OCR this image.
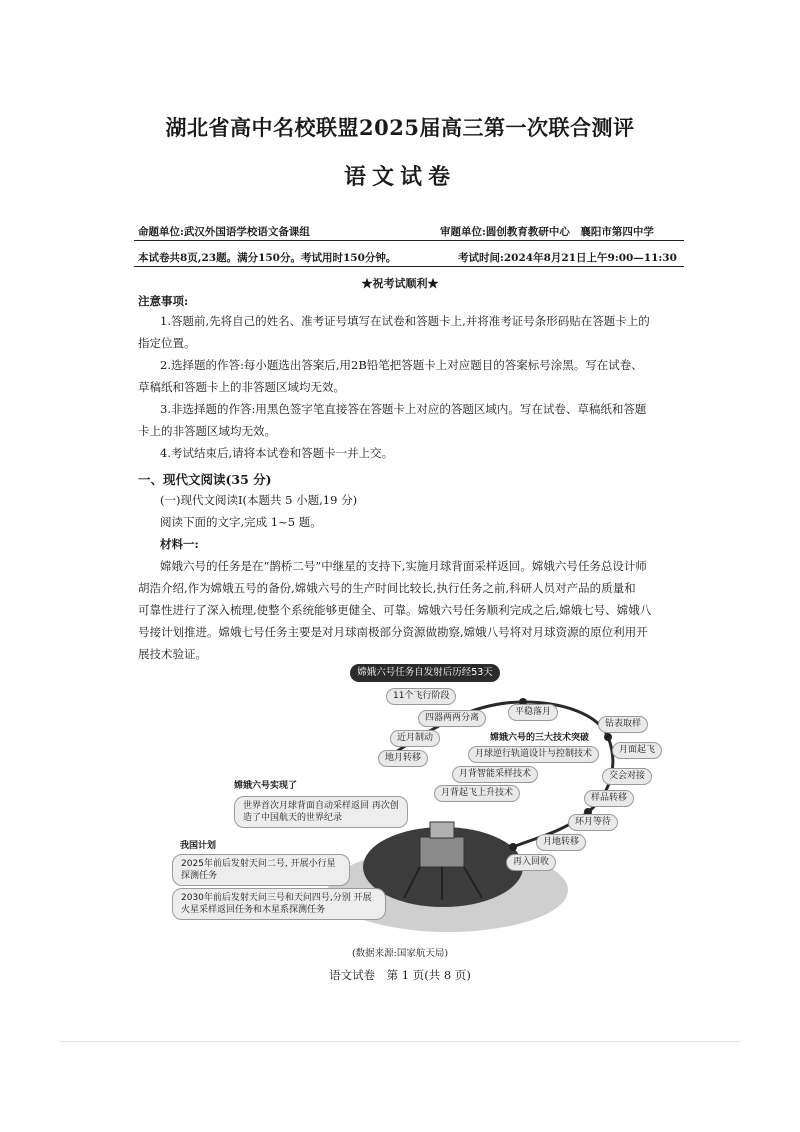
湖北省高中名校联盟2025届高三第一次联合测评
语文试卷
命题单位:武汉外国语学校语文备课组	审题单位:圆创教育教研中心　襄阳市第四中学
本试卷共8页,23题。满分150分。考试用时150分钟。	考试时间:2024年8月21日上午9:00—11:30
★祝考试顺利★
注意事项:
1.答题前,先将自己的姓名、准考证号填写在试卷和答题卡上,并将准考证号条形码贴在答题卡上的
指定位置。
2.选择题的作答:每小题选出答案后,用2B铅笔把答题卡上对应题目的答案标号涂黑。写在试卷、
草稿纸和答题卡上的非答题区域均无效。
3.非选择题的作答:用黑色签字笔直接答在答题卡上对应的答题区域内。写在试卷、草稿纸和答题
卡上的非答题区域均无效。
4.考试结束后,请将本试卷和答题卡一并上交。
一、现代文阅读(35 分)
(一)现代文阅读Ⅰ(本题共 5 小题,19 分)
阅读下面的文字,完成 1~5 题。
材料一:
嫦娥六号的任务是在“鹊桥二号”中继星的支持下,实施月球背面采样返回。嫦娥六号任务总设计师
胡浩介绍,作为嫦娥五号的备份,嫦娥六号的生产时间比较长,执行任务之前,科研人员对产品的质量和
可靠性进行了深入梳理,使整个系统能够更健全、可靠。嫦娥六号任务顺利完成之后,嫦娥七号、嫦娥八
号接计划推进。嫦娥七号任务主要是对月球南极部分资源做勘察,嫦娥八号将对月球资源的原位利用开
展技术验证。
11个飞行阶段
平稳落月
钻表取样
月面起飞
交会对接
样品转移
环月等待
月地转移
再入回收
地月转移
近月制动
四器两两分离
嫦娥六号的三大技术突破
月球逆行轨道设计与控制技术
月背智能采样技术
月背起飞上升技术
嫦娥六号实现了
世界首次月球背面自动采样返回 再次创造了中国航天的世界纪录
我国计划
2025年前后发射天问二号, 开展小行星探测任务
2030年前后发射天问三号和天问四号,分别 开展火星采样返回任务和木星系探测任务
嫦娥六号任务自发射后历经53天
(数据来源:国家航天局)
语文试卷　第 1 页(共 8 页)
